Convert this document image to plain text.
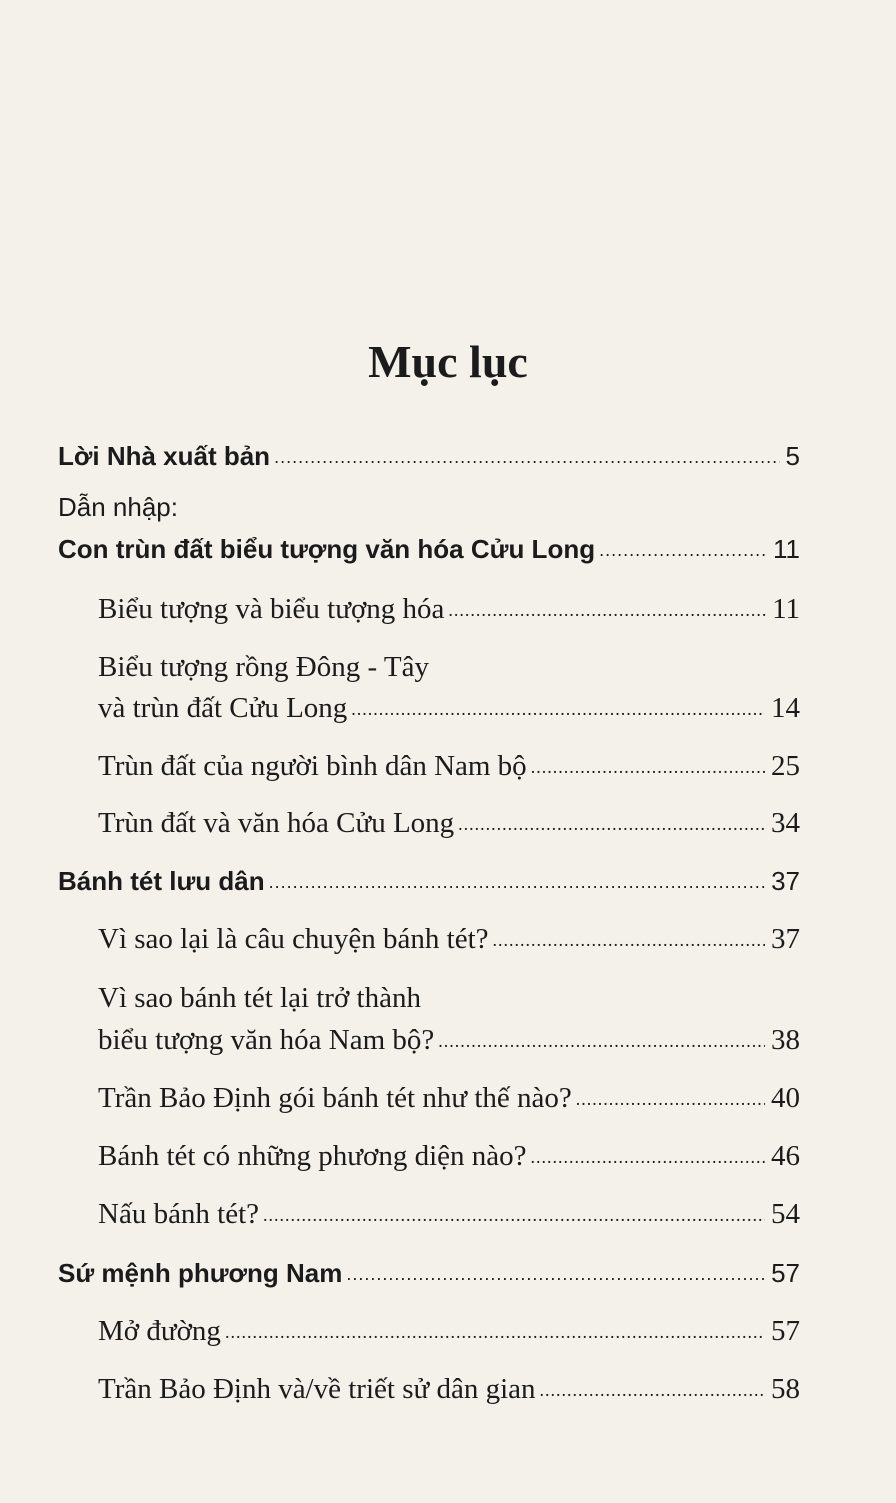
Mục lục
Lời Nhà xuất bản .....	5
Dẫn nhập:
Con trùn đất biểu tượng văn hóa Cửu Long .....	11
Biểu tượng và biểu tượng hóa .....	11
Biểu tượng rồng Đông - Tây
và trùn đất Cửu Long .....	14
Trùn đất của người bình dân Nam bộ .....	25
Trùn đất và văn hóa Cửu Long .....	34
Bánh tét lưu dân .....	37
Vì sao lại là câu chuyện bánh tét? .....	37
Vì sao bánh tét lại trở thành
biểu tượng văn hóa Nam bộ? .....	38
Trần Bảo Định gói bánh tét như thế nào? .....	40
Bánh tét có những phương diện nào? .....	46
Nấu bánh tét? .....	54
Sứ mệnh phương Nam .....	57
Mở đường .....	57
Trần Bảo Định và/về triết sử dân gian .....	58
